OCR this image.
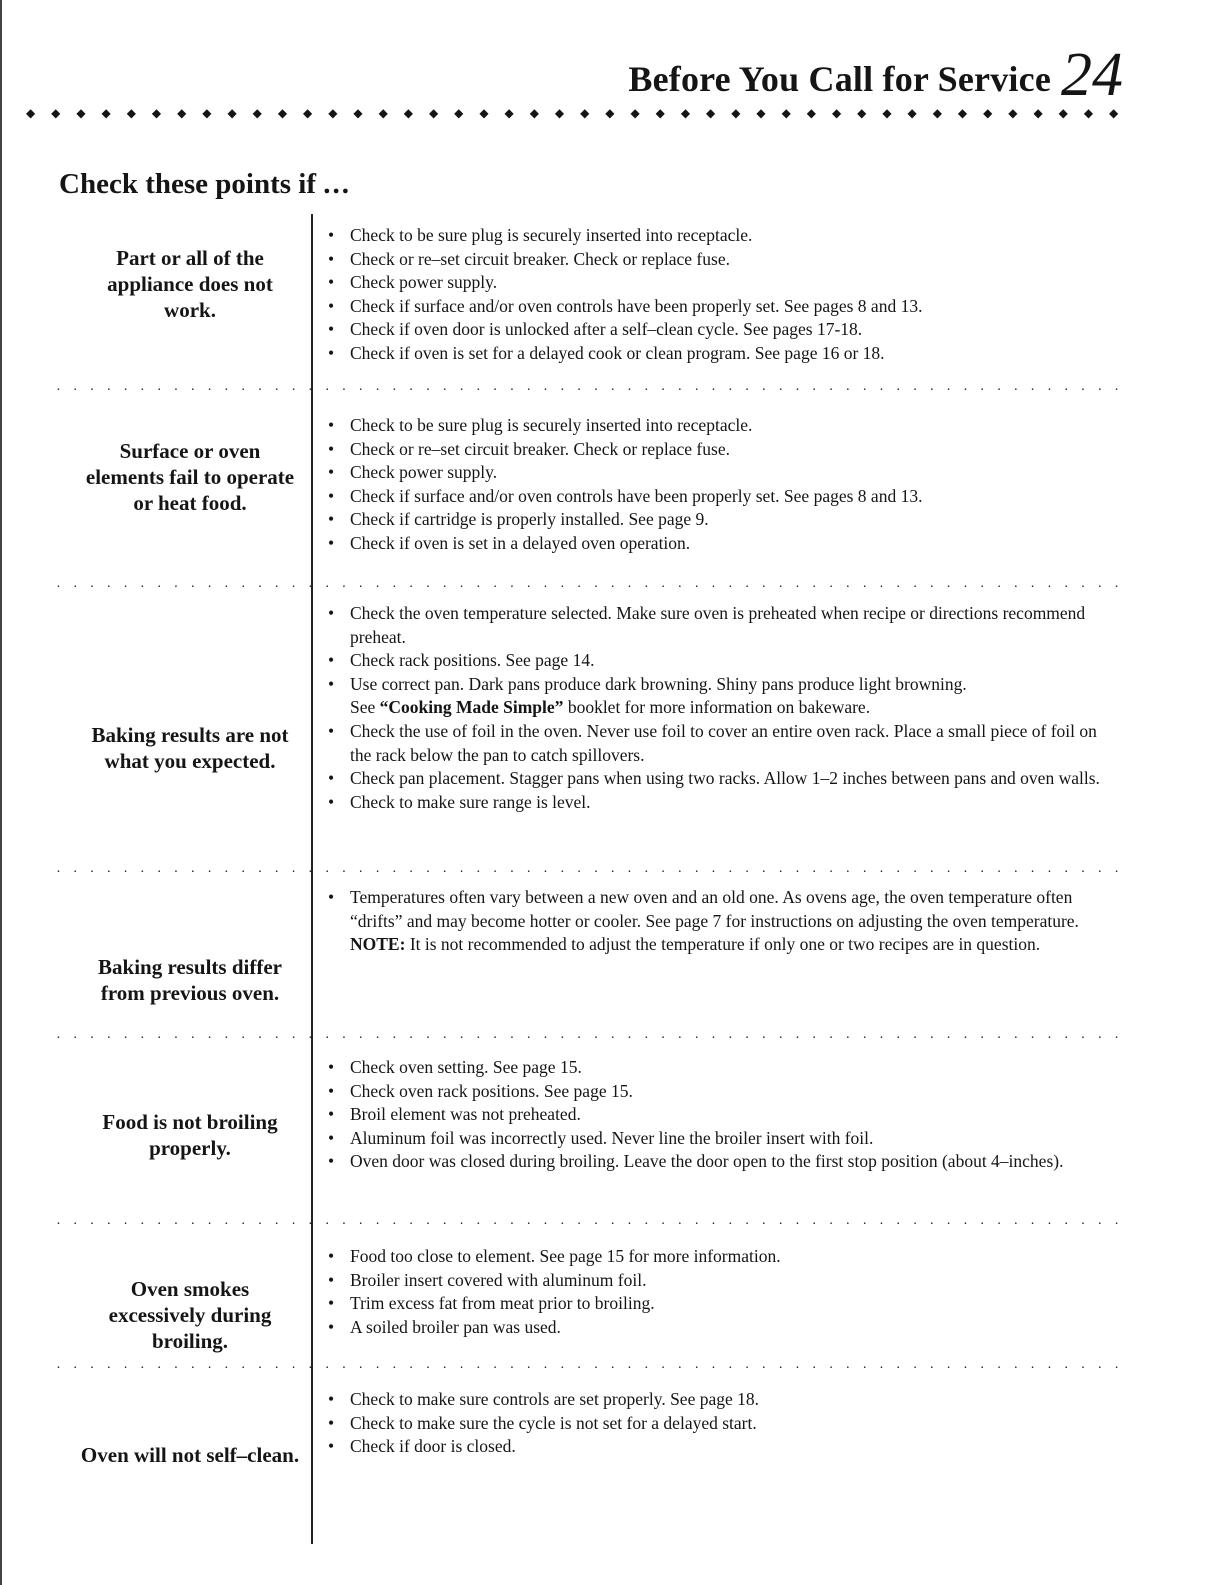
Before You Call for Service 24
◆ ◆ ◆ ◆ ◆ ◆ ◆ ◆ ◆ ◆ ◆ ◆ ◆ ◆ ◆ ◆ ◆ ◆ ◆ ◆ ◆ ◆ ◆ ◆ ◆ ◆ ◆ ◆ ◆ ◆ ◆ ◆ ◆ ◆ ◆ ◆ ◆ ◆ ◆ ◆ ◆ ◆ ◆ ◆
Check these points if ...
Part or all of the appliance does not work.
• Check to be sure plug is securely inserted into receptacle.
• Check or re–set circuit breaker. Check or replace fuse.
• Check power supply.
• Check if surface and/or oven controls have been properly set. See pages 8 and 13.
• Check if oven door is unlocked after a self–clean cycle. See pages 17-18.
• Check if oven is set for a delayed cook or clean program. See page 16 or 18.
· · · · · · · · · · · · · · · · · · · · · · · · · · · · · · · · · · · · · · · · · · · · · · · · · · · · · · · · · · · · · · · ·
Surface or oven elements fail to operate or heat food.
• Check to be sure plug is securely inserted into receptacle.
• Check or re–set circuit breaker. Check or replace fuse.
• Check power supply.
• Check if surface and/or oven controls have been properly set. See pages 8 and 13.
• Check if cartridge is properly installed. See page 9.
• Check if oven is set in a delayed oven operation.
· · · · · · · · · · · · · · · · · · · · · · · · · · · · · · · · · · · · · · · · · · · · · · · · · · · · · · · · · · · · · · · ·
Baking results are not what you expected.
• Check the oven temperature selected. Make sure oven is preheated when recipe or directions recommend preheat.
• Check rack positions. See page 14.
• Use correct pan. Dark pans produce dark browning. Shiny pans produce light browning.
See “Cooking Made Simple” booklet for more information on bakeware.
• Check the use of foil in the oven. Never use foil to cover an entire oven rack. Place a small piece of foil on the rack below the pan to catch spillovers.
• Check pan placement. Stagger pans when using two racks. Allow 1–2 inches between pans and oven walls.
• Check to make sure range is level.
· · · · · · · · · · · · · · · · · · · · · · · · · · · · · · · · · · · · · · · · · · · · · · · · · · · · · · · · · · · · · · · ·
Baking results differ from previous oven.
• Temperatures often vary between a new oven and an old one. As ovens age, the oven temperature often “drifts” and may become hotter or cooler. See page 7 for instructions on adjusting the oven temperature.
NOTE: It is not recommended to adjust the temperature if only one or two recipes are in question.
· · · · · · · · · · · · · · · · · · · · · · · · · · · · · · · · · · · · · · · · · · · · · · · · · · · · · · · · · · · · · · · ·
Food is not broiling properly.
• Check oven setting. See page 15.
• Check oven rack positions. See page 15.
• Broil element was not preheated.
• Aluminum foil was incorrectly used. Never line the broiler insert with foil.
• Oven door was closed during broiling. Leave the door open to the first stop position (about 4–inches).
· · · · · · · · · · · · · · · · · · · · · · · · · · · · · · · · · · · · · · · · · · · · · · · · · · · · · · · · · · · · · · · ·
Oven smokes excessively during broiling.
• Food too close to element. See page 15 for more information.
• Broiler insert covered with aluminum foil.
• Trim excess fat from meat prior to broiling.
• A soiled broiler pan was used.
· · · · · · · · · · · · · · · · · · · · · · · · · · · · · · · · · · · · · · · · · · · · · · · · · · · · · · · · · · · · · · · ·
Oven will not self–clean.
• Check to make sure controls are set properly. See page 18.
• Check to make sure the cycle is not set for a delayed start.
• Check if door is closed.
